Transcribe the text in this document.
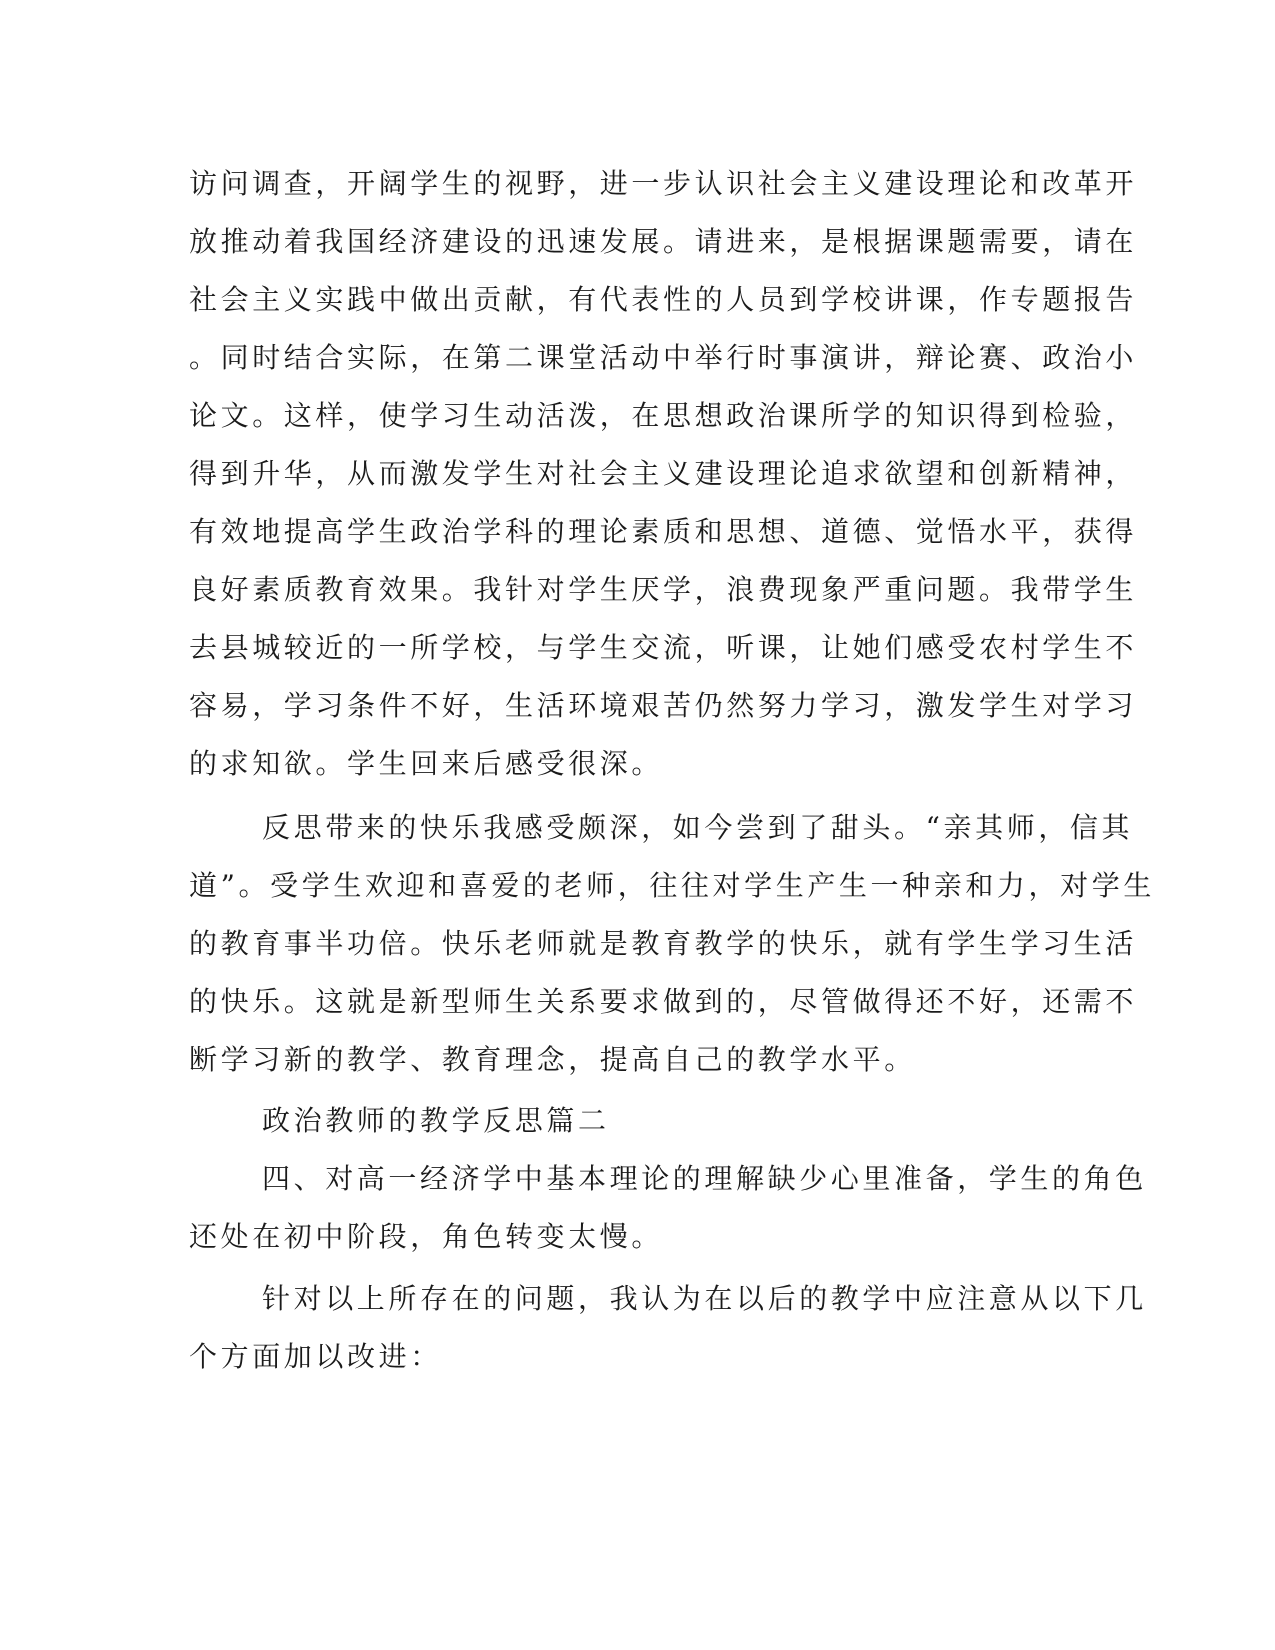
访问调查，开阔学生的视野，进一步认识社会主义建设理论和改革开
放推动着我国经济建设的迅速发展。请进来，是根据课题需要，请在
社会主义实践中做出贡献，有代表性的人员到学校讲课，作专题报告
。同时结合实际，在第二课堂活动中举行时事演讲，辩论赛、政治小
论文。这样，使学习生动活泼，在思想政治课所学的知识得到检验，
得到升华，从而激发学生对社会主义建设理论追求欲望和创新精神，
有效地提高学生政治学科的理论素质和思想、道德、觉悟水平，获得
良好素质教育效果。我针对学生厌学，浪费现象严重问题。我带学生
去县城较近的一所学校，与学生交流，听课，让她们感受农村学生不
容易，学习条件不好，生活环境艰苦仍然努力学习，激发学生对学习
的求知欲。学生回来后感受很深。
反思带来的快乐我感受颇深，如今尝到了甜头。“亲其师，信其
道”。受学生欢迎和喜爱的老师，往往对学生产生一种亲和力，对学生
的教育事半功倍。快乐老师就是教育教学的快乐，就有学生学习生活
的快乐。这就是新型师生关系要求做到的，尽管做得还不好，还需不
断学习新的教学、教育理念，提高自己的教学水平。
政治教师的教学反思篇二
四、对高一经济学中基本理论的理解缺少心里准备，学生的角色
还处在初中阶段，角色转变太慢。
针对以上所存在的问题，我认为在以后的教学中应注意从以下几
个方面加以改进：
